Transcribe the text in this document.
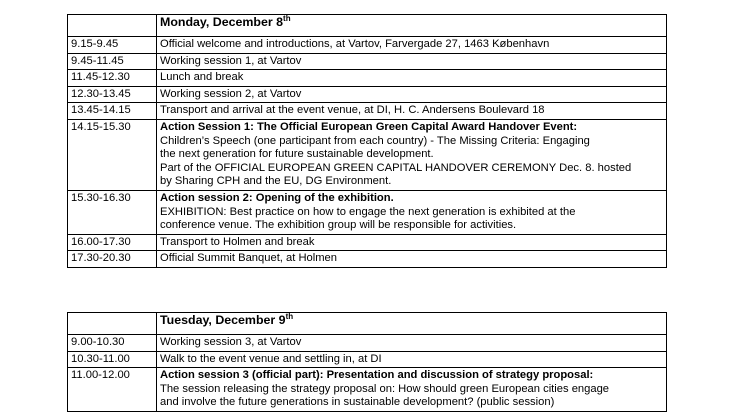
	Monday, December 8th
9.15-9.45	Official welcome and introductions, at Vartov, Farvergade 27, 1463 København

9.45-11.45	Working session 1, at Vartov

11.45-12.30	Lunch and break

12.30-13.45	Working session 2, at Vartov

13.45-14.15	Transport and arrival at the event venue, at DI, H. C. Andersens Boulevard 18

14.15-15.30	Action Session 1: The Official European Green Capital Award Handover Event:
Children’s Speech (one participant from each country) - The Missing Criteria: Engaging
the next generation for future sustainable development.
Part of the OFFICIAL EUROPEAN GREEN CAPITAL HANDOVER CEREMONY Dec. 8. hosted
by Sharing CPH and the EU, DG Environment.

15.30-16.30	Action session 2: Opening of the exhibition.
EXHIBITION: Best practice on how to engage the next generation is exhibited at the
conference venue. The exhibition group will be responsible for activities.

16.00-17.30	Transport to Holmen and break

17.30-20.30	Official Summit Banquet, at Holmen
	Tuesday, December 9th
9.00-10.30	Working session 3, at Vartov

10.30-11.00	Walk to the event venue and settling in, at DI

11.00-12.00	Action session 3 (official part): Presentation and discussion of strategy proposal:
The session releasing the strategy proposal on: How should green European cities engage
and involve the future generations in sustainable development? (public session)
